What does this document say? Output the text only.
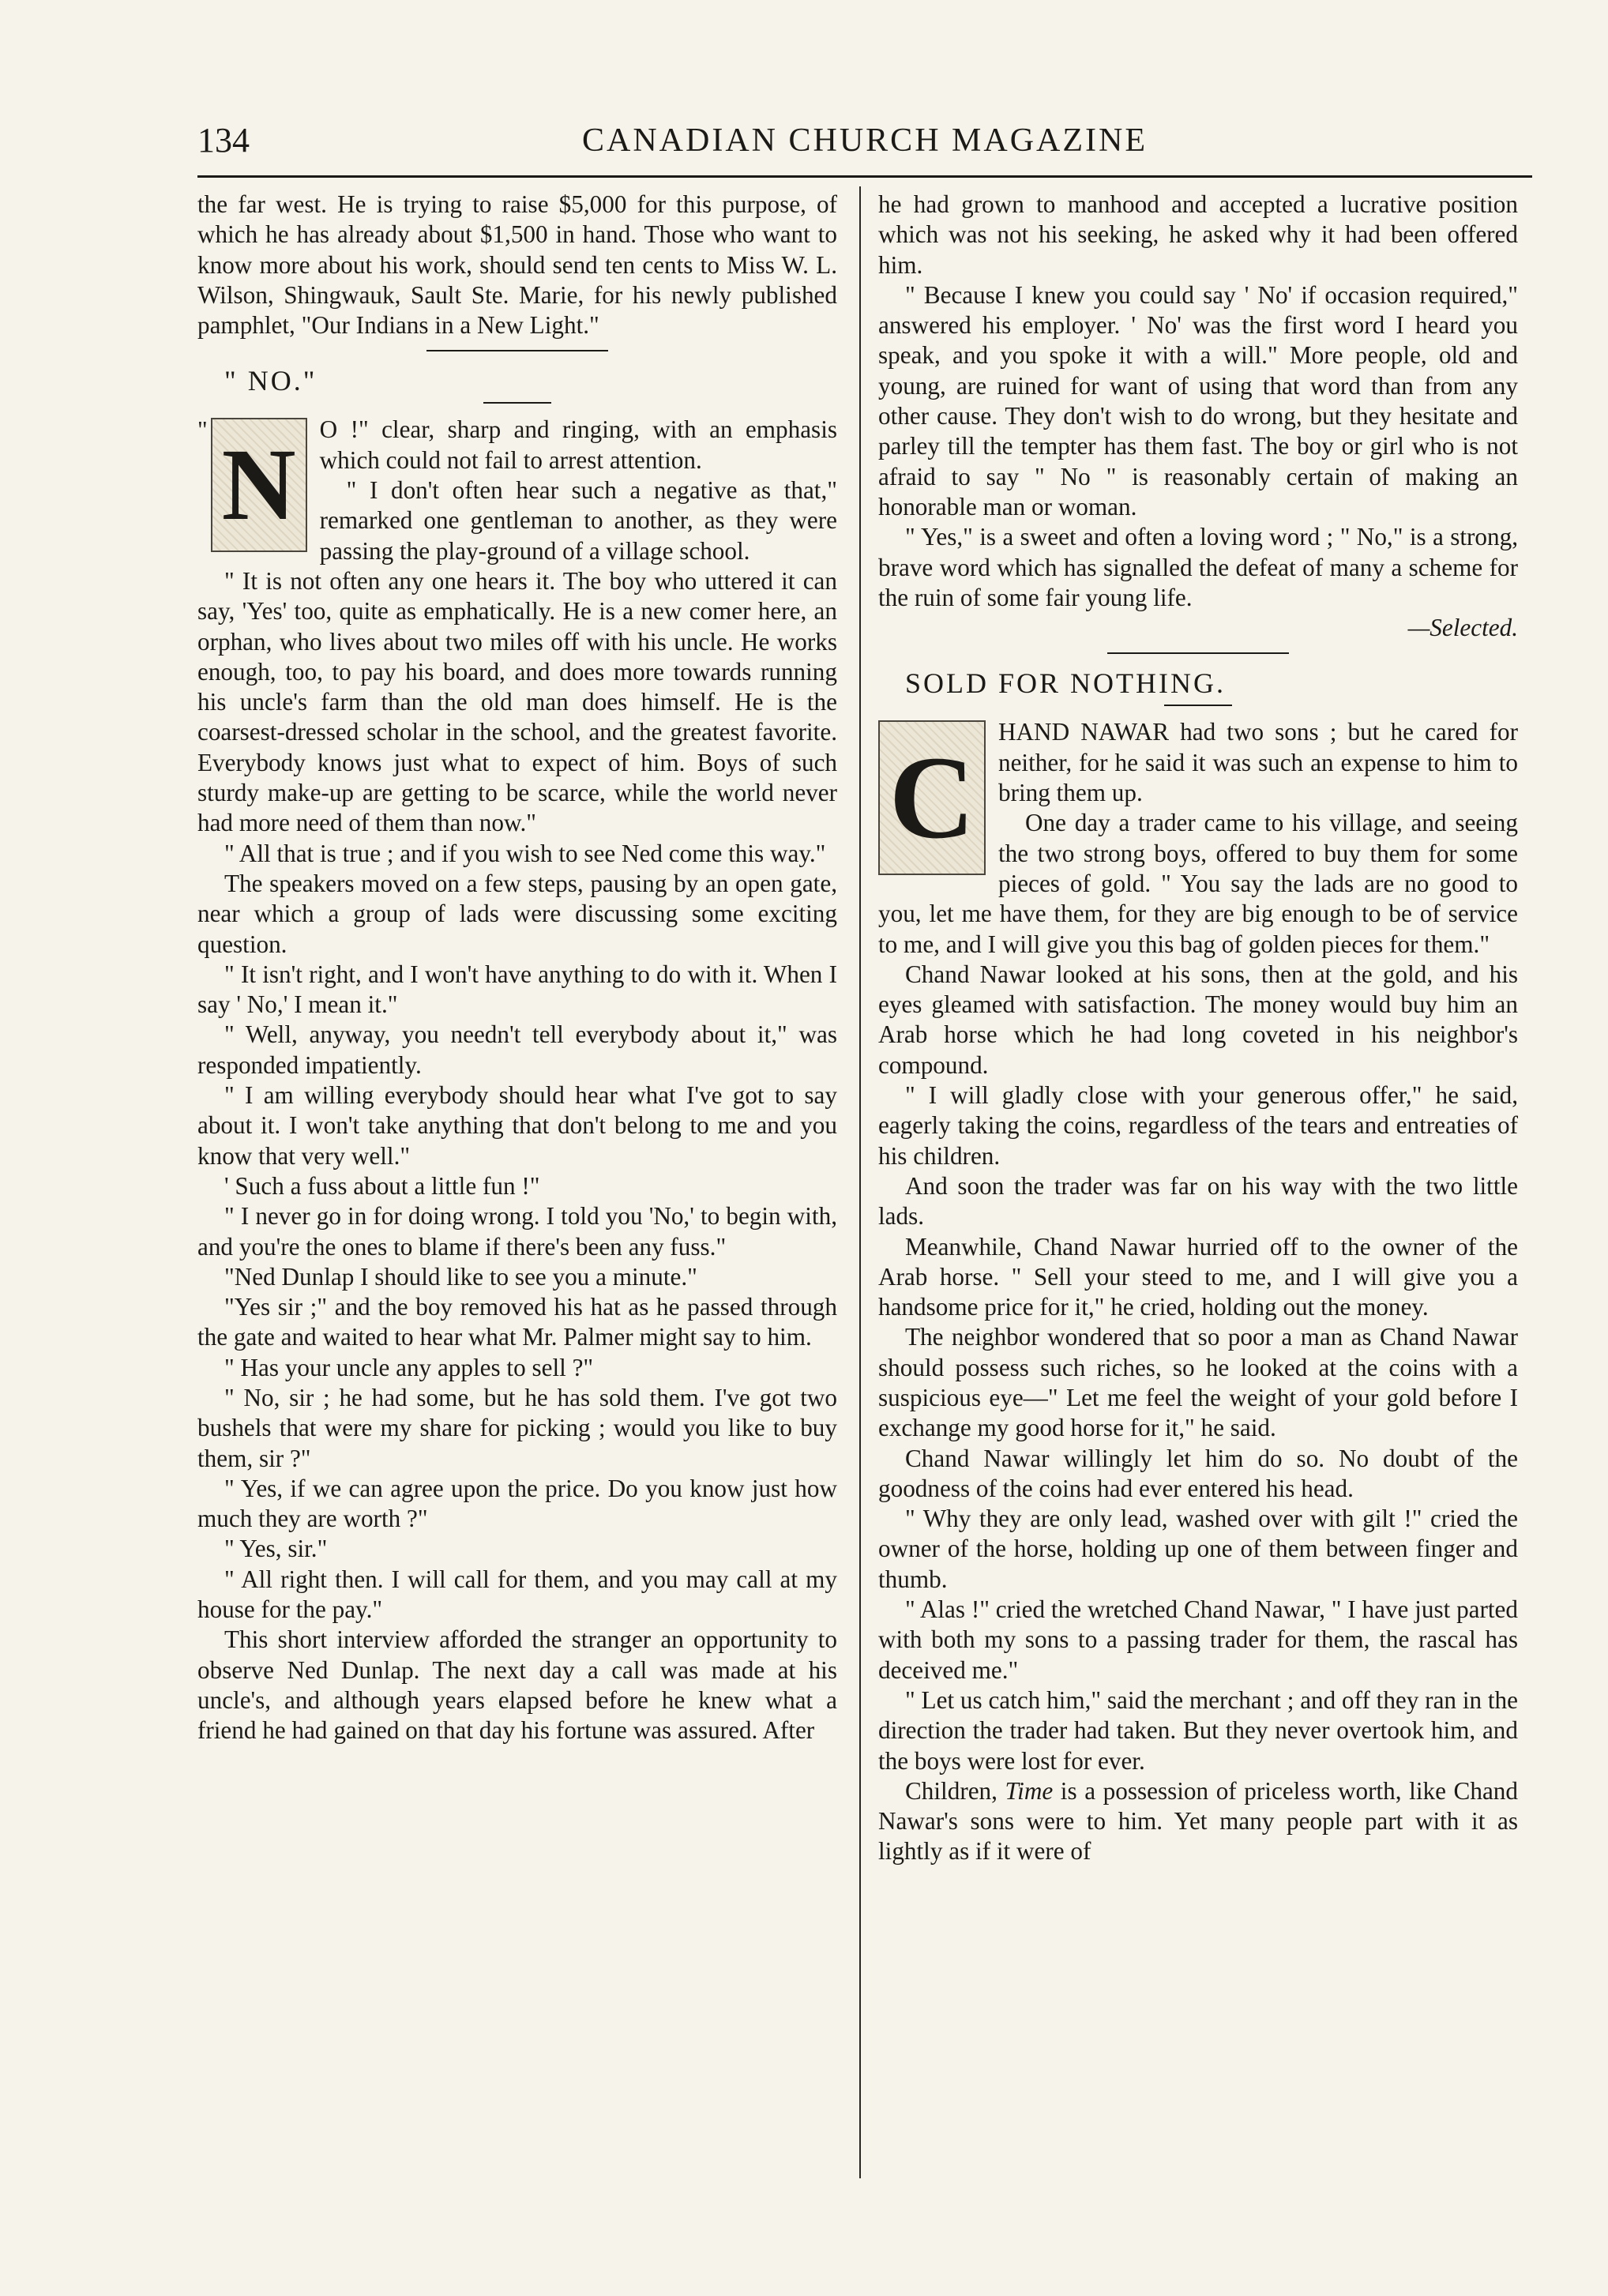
134	CANADIAN CHURCH MAGAZINE

the far west. He is trying to raise $5,000 for this purpose, of which he has already about $1,500 in hand. Those who want to know more about his work, should send ten cents to Miss W. L. Wilson, Shingwauk, Sault Ste. Marie, for his newly published pamphlet, "Our Indians in a New Light."

" NO."

" N O !" clear, sharp and ringing, with an emphasis which could not fail to arrest attention.

" I don't often hear such a negative as that," remarked one gentleman to another, as they were passing the play-ground of a village school.

" It is not often any one hears it. The boy who uttered it can say, 'Yes' too, quite as emphatically. He is a new comer here, an orphan, who lives about two miles off with his uncle. He works enough, too, to pay his board, and does more towards running his uncle's farm than the old man does himself. He is the coarsest-dressed scholar in the school, and the greatest favorite. Everybody knows just what to expect of him. Boys of such sturdy make-up are getting to be scarce, while the world never had more need of them than now."

" All that is true ; and if you wish to see Ned come this way."

The speakers moved on a few steps, pausing by an open gate, near which a group of lads were discussing some exciting question.

" It isn't right, and I won't have anything to do with it. When I say ' No,' I mean it."

" Well, anyway, you needn't tell everybody about it," was responded impatiently.

" I am willing everybody should hear what I've got to say about it. I won't take anything that don't belong to me and you know that very well."

' Such a fuss about a little fun !"

" I never go in for doing wrong. I told you 'No,' to begin with, and you're the ones to blame if there's been any fuss."

"Ned Dunlap I should like to see you a minute."

"Yes sir ;" and the boy removed his hat as he passed through the gate and waited to hear what Mr. Palmer might say to him.

" Has your uncle any apples to sell ?"

" No, sir ; he had some, but he has sold them. I've got two bushels that were my share for picking ; would you like to buy them, sir ?"

" Yes, if we can agree upon the price. Do you know just how much they are worth ?"

" Yes, sir."

" All right then. I will call for them, and you may call at my house for the pay."

This short interview afforded the stranger an opportunity to observe Ned Dunlap. The next day a call was made at his uncle's, and although years elapsed before he knew what a friend he had gained on that day his fortune was assured. After

he had grown to manhood and accepted a lucrative position which was not his seeking, he asked why it had been offered him.

" Because I knew you could say ' No' if occasion required," answered his employer. ' No' was the first word I heard you speak, and you spoke it with a will." More people, old and young, are ruined for want of using that word than from any other cause. They don't wish to do wrong, but they hesitate and parley till the tempter has them fast. The boy or girl who is not afraid to say " No " is reasonably certain of making an honorable man or woman.

" Yes," is a sweet and often a loving word ; " No," is a strong, brave word which has signalled the defeat of many a scheme for the ruin of some fair young life.

—Selected.

SOLD FOR NOTHING.

C

HAND NAWAR had two sons ; but he cared for neither, for he said it was such an expense to him to bring them up.

One day a trader came to his village, and seeing the two strong boys, offered to buy them for some pieces of gold. " You say the lads are no good to you, let me have them, for they are big enough to be of service to me, and I will give you this bag of golden pieces for them."

Chand Nawar looked at his sons, then at the gold, and his eyes gleamed with satisfaction. The money would buy him an Arab horse which he had long coveted in his neighbor's compound.

" I will gladly close with your generous offer," he said, eagerly taking the coins, regardless of the tears and entreaties of his children.

And soon the trader was far on his way with the two little lads.

Meanwhile, Chand Nawar hurried off to the owner of the Arab horse. " Sell your steed to me, and I will give you a handsome price for it," he cried, holding out the money.

The neighbor wondered that so poor a man as Chand Nawar should possess such riches, so he looked at the coins with a suspicious eye—" Let me feel the weight of your gold before I exchange my good horse for it," he said.

Chand Nawar willingly let him do so. No doubt of the goodness of the coins had ever entered his head.

" Why they are only lead, washed over with gilt !" cried the owner of the horse, holding up one of them between finger and thumb.

" Alas !" cried the wretched Chand Nawar, " I have just parted with both my sons to a passing trader for them, the rascal has deceived me."

" Let us catch him," said the merchant ; and off they ran in the direction the trader had taken. But they never overtook him, and the boys were lost for ever.

Children, Time is a possession of priceless worth, like Chand Nawar's sons were to him. Yet many people part with it as lightly as if it were of
